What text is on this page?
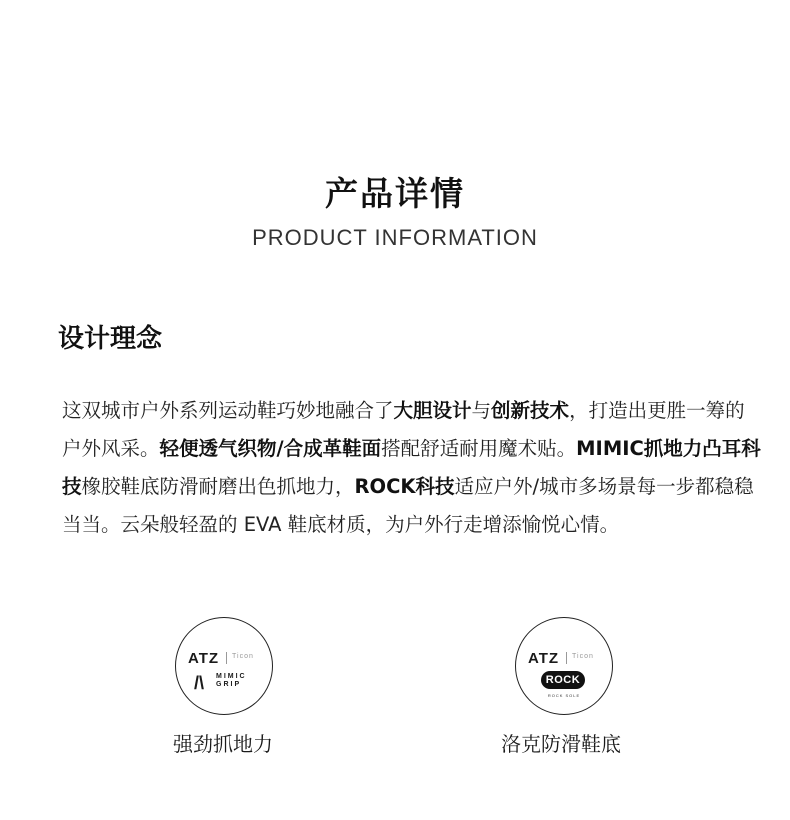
产品详情
PRODUCT INFORMATION
设计理念
这双城市户外系列运动鞋巧妙地融合了大胆设计与创新技术，打造出更胜一筹的户外风采。轻便透气织物/合成革鞋面搭配舒适耐用魔术贴。MIMIC抓地力凸耳科技橡胶鞋底防滑耐磨出色抓地力，ROCK科技适应户外/城市多场景每一步都稳稳当当。云朵般轻盈的 EVA 鞋底材质，为户外行走增添愉悦心情。
ATZ Ticon
/\ MIMIC GRIP
强劲抓地力
ATZ Ticon
ROCK
ROCK SOLE
洛克防滑鞋底
